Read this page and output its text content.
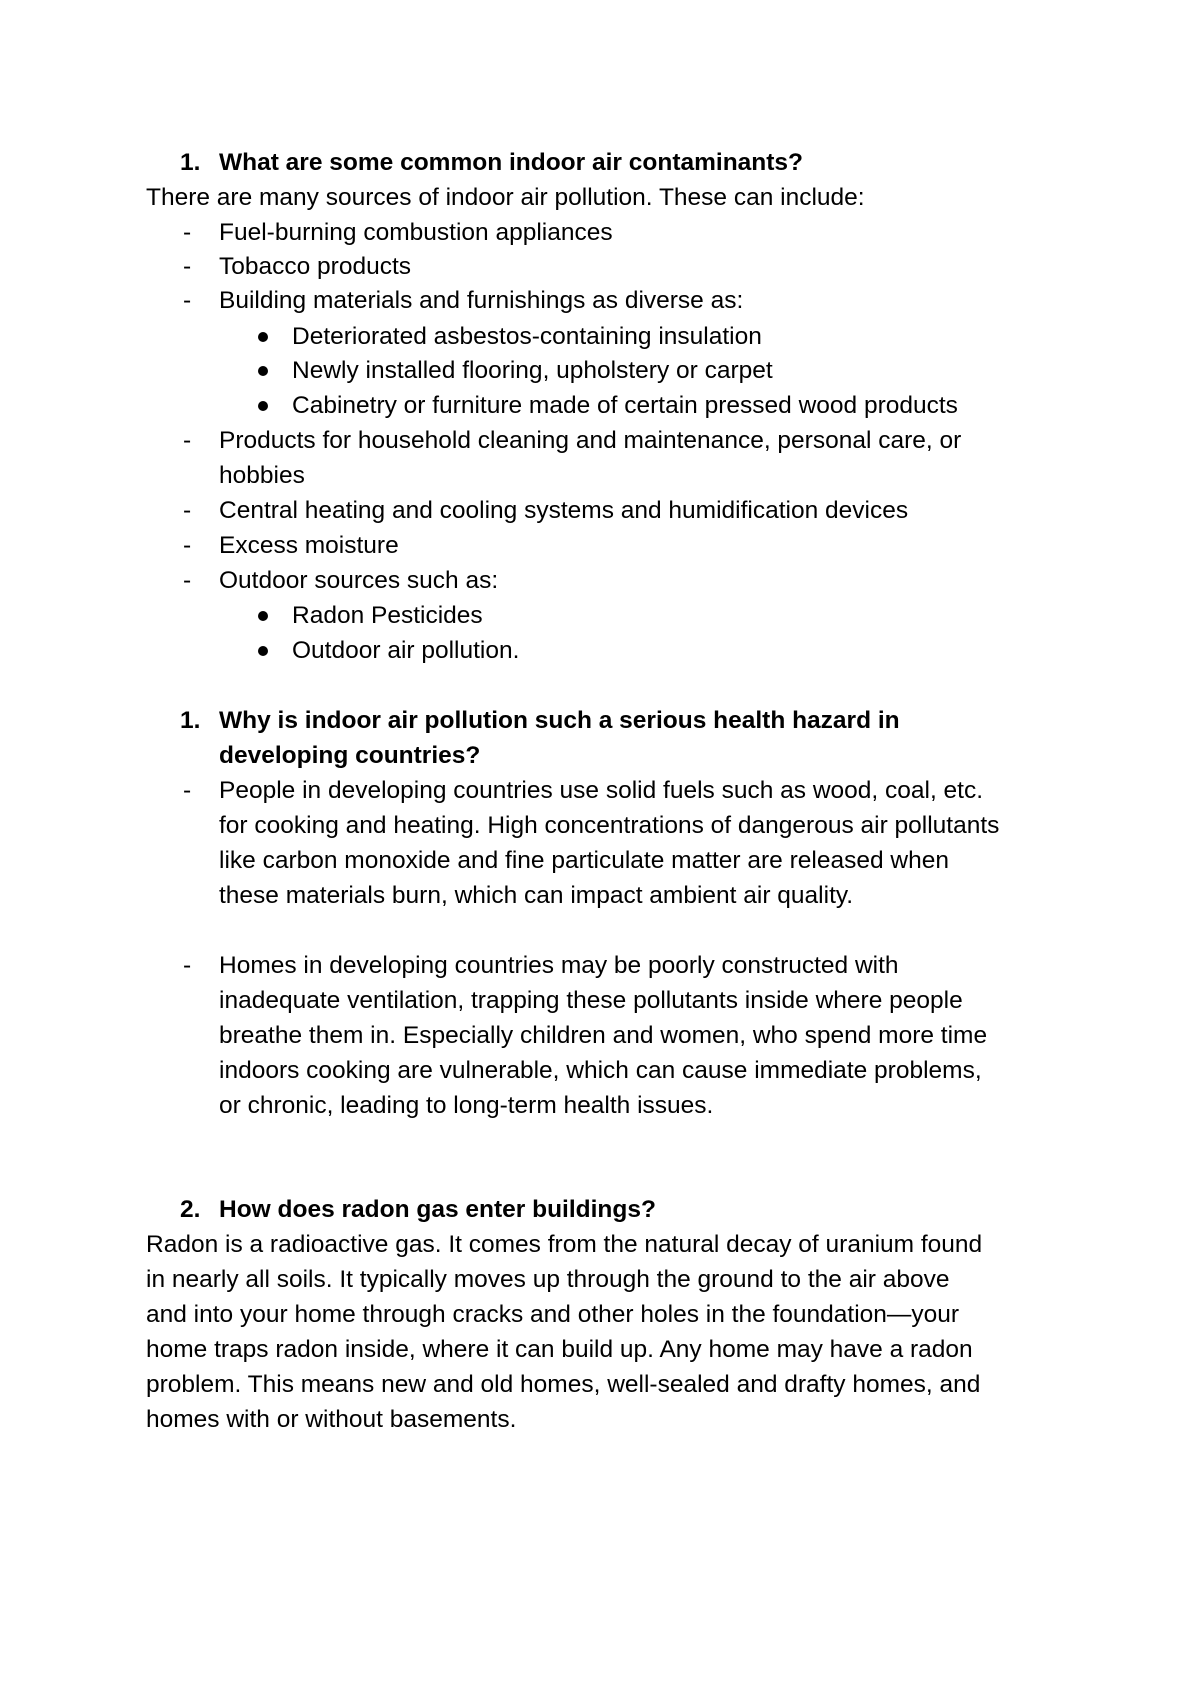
1. What are some common indoor air contaminants?
There are many sources of indoor air pollution. These can include:
- Fuel-burning combustion appliances
- Tobacco products
- Building materials and furnishings as diverse as:
Deteriorated asbestos-containing insulation
Newly installed flooring, upholstery or carpet
Cabinetry or furniture made of certain pressed wood products
- Products for household cleaning and maintenance, personal care, or
hobbies
- Central heating and cooling systems and humidification devices
- Excess moisture
- Outdoor sources such as:
Radon Pesticides
Outdoor air pollution.
1. Why is indoor air pollution such a serious health hazard in
developing countries?
- People in developing countries use solid fuels such as wood, coal, etc.
for cooking and heating. High concentrations of dangerous air pollutants
like carbon monoxide and fine particulate matter are released when
these materials burn, which can impact ambient air quality.
- Homes in developing countries may be poorly constructed with
inadequate ventilation, trapping these pollutants inside where people
breathe them in. Especially children and women, who spend more time
indoors cooking are vulnerable, which can cause immediate problems,
or chronic, leading to long-term health issues.
2. How does radon gas enter buildings?
Radon is a radioactive gas. It comes from the natural decay of uranium found
in nearly all soils. It typically moves up through the ground to the air above
and into your home through cracks and other holes in the foundation—your
home traps radon inside, where it can build up. Any home may have a radon
problem. This means new and old homes, well-sealed and drafty homes, and
homes with or without basements.
